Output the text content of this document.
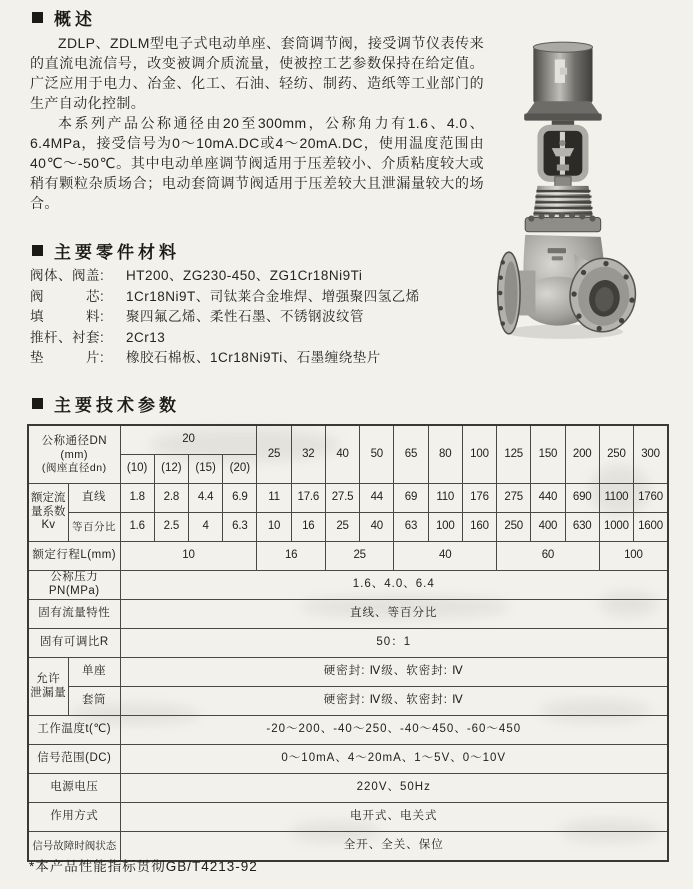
概述

ZDLP、ZDLM型电子式电动单座、套筒调节阀，接受调节仪表传来的直流电流信号，改变被调介质流量，使被控工艺参数保持在给定值。广泛应用于电力、冶金、化工、石油、轻纺、制药、造纸等工业部门的生产自动化控制。

本系列产品公称通径由20至300mm，公称角力有1.6、4.0、6.4MPa，接受信号为0～10mA.DC或4～20mA.DC，使用温度范围由40℃～-50℃。其中电动单座调节阀适用于压差较小、介质粘度较大或稍有颗粒杂质场合；电动套筒调节阀适用于压差较大且泄漏量较大的场合。

主要零件材料
阀体、阀盖:	HT200、ZG230-450、ZG1Cr18Ni9Ti
阀　　　芯:	1Cr18Ni9T、司钛莱合金堆焊、增强聚四氢乙烯
填　　　料:	聚四氟乙烯、柔性石墨、不锈钢波纹管
推杆、衬套:	2Cr13
垫　　　片:	橡胶石棉板、1Cr18Ni9Ti、石墨缠绕垫片
主要技术参数
公称通径DN
(mm)
(阀座直径dn)		20				25	32	40	50	65	80	100	125	150	200	250	300
		(10)	(12)	(15)	(20)												

额定流
量系数Kv	直线	1.8	2.8	4.4	6.9	11	17.6	27.5	44	69	110	176	275	440	690	1100	1760
	等百分比	1.6	2.5	4	6.3	10	16	25	40	63	100	160	250	400	630	1000	1600
额定行程L(mm)		10				16		25		40			60			100	
公称压力PN(MPa)		1.6、4.0、6.4															
固有流量特性		直线、等百分比															
固有可调比R		50：1															

允许
泄漏量	单座	硬密封: Ⅳ级、软密封: Ⅳ															
	套筒	硬密封: Ⅳ级、软密封: Ⅳ															
工作温度t(℃)		-20～200、-40～250、-40～450、-60～450															
信号范围(DC)		0～10mA、4～20mA、1～5V、0～10V															
电源电压		220V、50Hz															
作用方式		电开式、电关式															
信号故障时阀状态		全开、全关、保位															
*本产品性能指标贯彻GB/T4213-92
